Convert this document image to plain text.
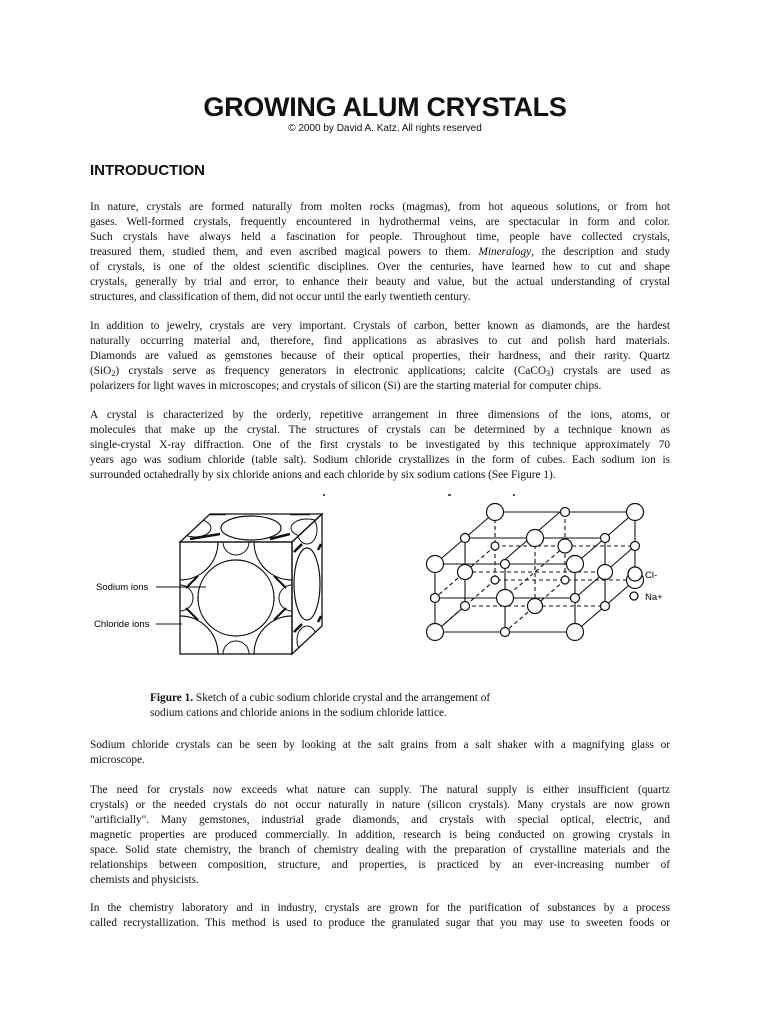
GROWING ALUM CRYSTALS
© 2000 by David A. Katz. All rights reserved
INTRODUCTION

In nature, crystals are formed naturally from molten rocks (magmas), from hot aqueous solutions, or from hot
gases. Well-formed crystals, frequently encountered in hydrothermal veins, are spectacular in form and color.
Such crystals have always held a fascination for people. Throughout time, people have collected crystals,
treasured them, studied them, and even ascribed magical powers to them. Mineralogy, the description and study
of crystals, is one of the oldest scientific disciplines. Over the centuries, have learned how to cut and shape
crystals, generally by trial and error, to enhance their beauty and value, but the actual understanding of crystal
structures, and classification of them, did not occur until the early twentieth century.

In addition to jewelry, crystals are very important. Crystals of carbon, better known as diamonds, are the hardest
naturally occurring material and, therefore, find applications as abrasives to cut and polish hard materials.
Diamonds are valued as gemstones because of their optical properties, their hardness, and their rarity. Quartz
(SiO$_2$) crystals serve as frequency generators in electronic applications; calcite (CaCO$_3$) crystals are used as
polarizers for light waves in microscopes; and crystals of silicon (Si) are the starting material for computer chips.

A crystal is characterized by the orderly, repetitive arrangement in three dimensions of the ions, atoms, or
molecules that make up the crystal. The structures of crystals can be determined by a technique known as
single-crystal X-ray diffraction. One of the first crystals to be investigated by this technique approximately 70
years ago was sodium chloride (table salt). Sodium chloride crystallizes in the form of cubes. Each sodium ion is
surrounded octahedrally by six chloride anions and each chloride by six sodium cations (See Figure 1).

Sodium ions
Chloride ions
Cl-
Na+

Figure 1. Sketch of a cubic sodium chloride crystal and the arrangement of
sodium cations and chloride anions in the sodium chloride lattice.

Sodium chloride crystals can be seen by looking at the salt grains from a salt shaker with a magnifying glass or
microscope.

The need for crystals now exceeds what nature can supply. The natural supply is either insufficient (quartz
crystals) or the needed crystals do not occur naturally in nature (silicon crystals). Many crystals are now grown
"artificially". Many gemstones, industrial grade diamonds, and crystals with special optical, electric, and
magnetic properties are produced commercially. In addition, research is being conducted on growing crystals in
space. Solid state chemistry, the branch of chemistry dealing with the preparation of crystalline materials and the
relationships between composition, structure, and properties, is practiced by an ever-increasing number of
chemists and physicists.

In the chemistry laboratory and in industry, crystals are grown for the purification of substances by a process
called recrystallization. This method is used to produce the granulated sugar that you may use to sweeten foods or
